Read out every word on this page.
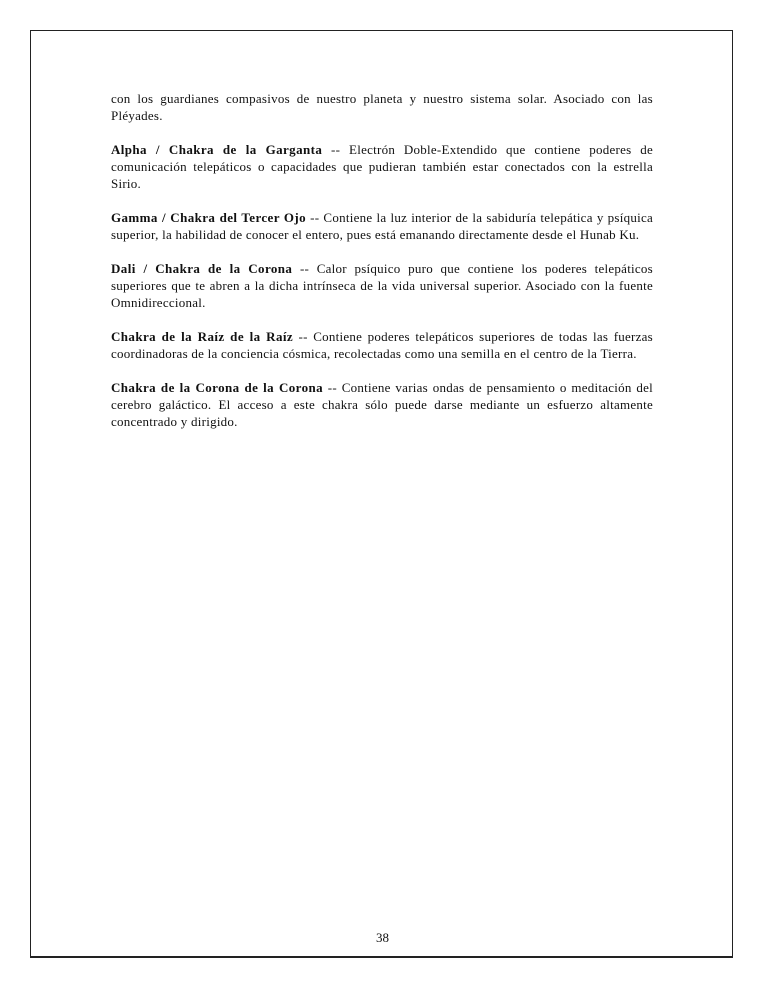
con los guardianes compasivos de nuestro planeta y nuestro sistema solar. Asociado con las Pléyades.

Alpha / Chakra de la Garganta -- Electrón Doble-Extendido que contiene poderes de comunicación telepáticos o capacidades que pudieran también estar conectados con la estrella Sirio.

Gamma / Chakra del Tercer Ojo -- Contiene la luz interior de la sabiduría telepática y psíquica superior, la habilidad de conocer el entero, pues está emanando directamente desde el Hunab Ku.

Dali / Chakra de la Corona -- Calor psíquico puro que contiene los poderes telepáticos superiores que te abren a la dicha intrínseca de la vida universal superior. Asociado con la fuente Omnidireccional.

Chakra de la Raíz de la Raíz -- Contiene poderes telepáticos superiores de todas las fuerzas coordinadoras de la conciencia cósmica, recolectadas como una semilla en el centro de la Tierra.

Chakra de la Corona de la Corona -- Contiene varias ondas de pensamiento o meditación del cerebro galáctico. El acceso a este chakra sólo puede darse mediante un esfuerzo altamente concentrado y dirigido.

38
